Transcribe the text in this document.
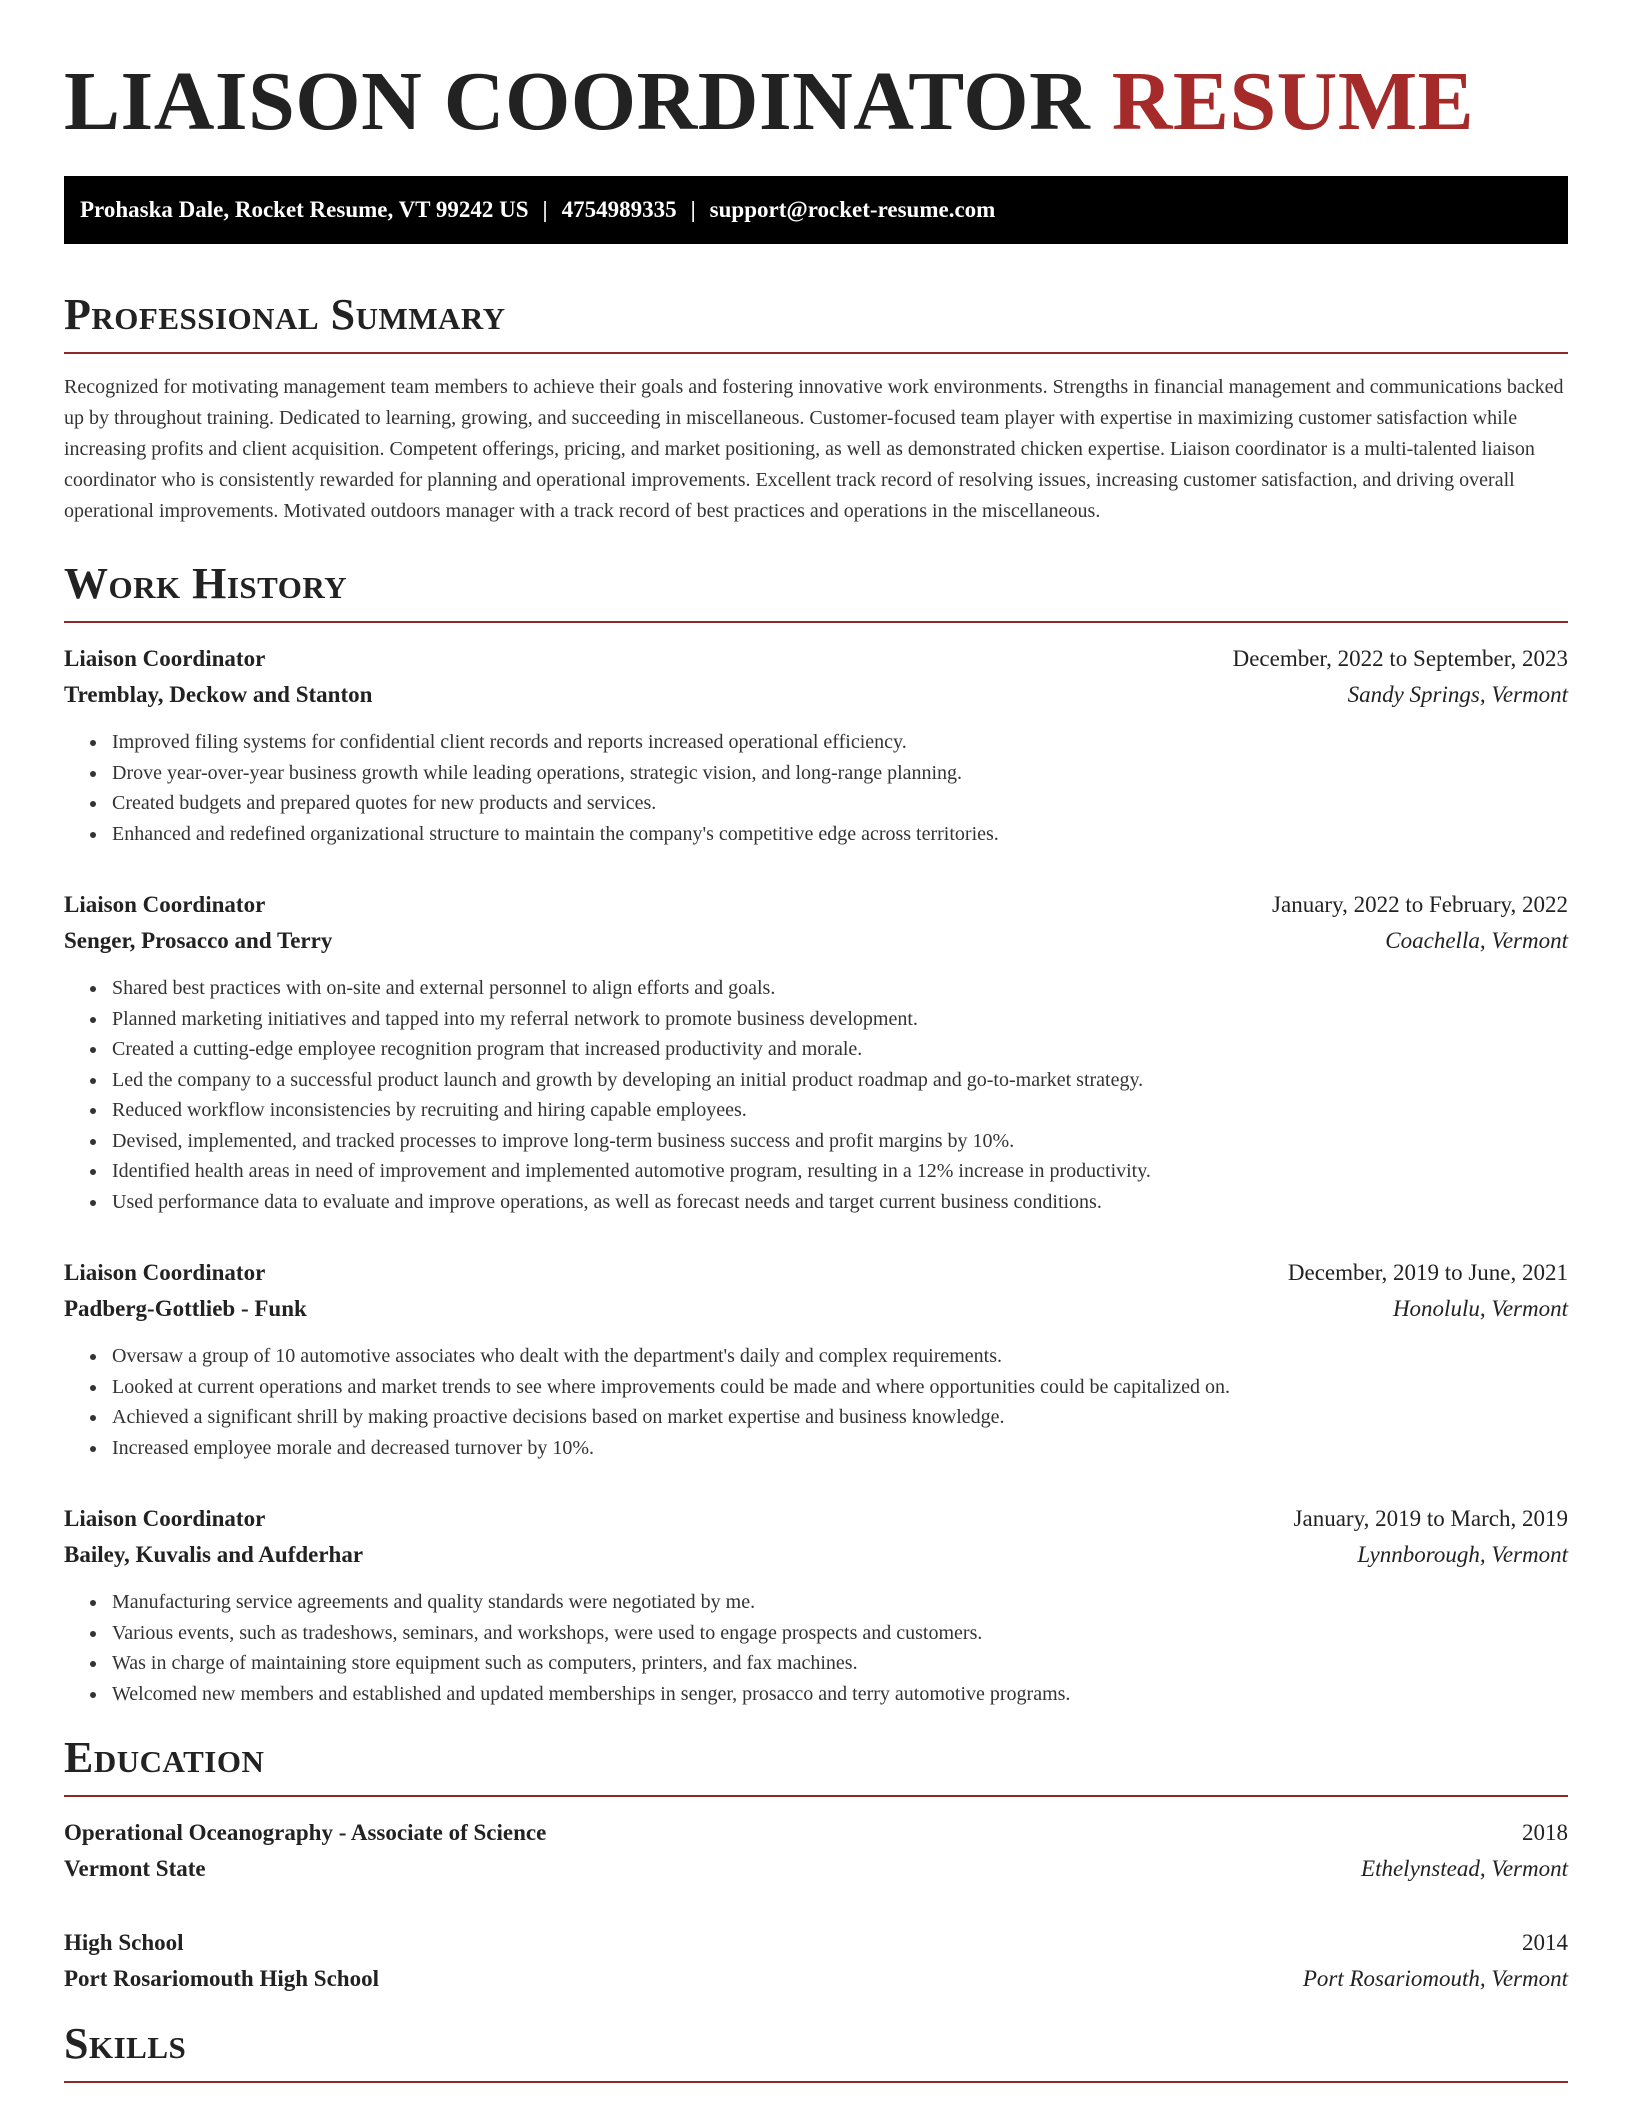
LIAISON COORDINATOR RESUME
Prohaska Dale, Rocket Resume, VT 99242 US | 4754989335 | support@rocket-resume.com
Professional Summary

Recognized for motivating management team members to achieve their goals and fostering innovative work environments. Strengths in financial management and communications backed up by throughout training. Dedicated to learning, growing, and succeeding in miscellaneous. Customer-focused team player with expertise in maximizing customer satisfaction while increasing profits and client acquisition. Competent offerings, pricing, and market positioning, as well as demonstrated chicken expertise. Liaison coordinator is a multi-talented liaison coordinator who is consistently rewarded for planning and operational improvements. Excellent track record of resolving issues, increasing customer satisfaction, and driving overall operational improvements. Motivated outdoors manager with a track record of best practices and operations in the miscellaneous.

Work History
Liaison Coordinator	December, 2022 to September, 2023
Tremblay, Deckow and Stanton	Sandy Springs, Vermont
• Improved filing systems for confidential client records and reports increased operational efficiency.
• Drove year-over-year business growth while leading operations, strategic vision, and long-range planning.
• Created budgets and prepared quotes for new products and services.
• Enhanced and redefined organizational structure to maintain the company's competitive edge across territories.
Liaison Coordinator	January, 2022 to February, 2022
Senger, Prosacco and Terry	Coachella, Vermont
• Shared best practices with on-site and external personnel to align efforts and goals.
• Planned marketing initiatives and tapped into my referral network to promote business development.
• Created a cutting-edge employee recognition program that increased productivity and morale.
• Led the company to a successful product launch and growth by developing an initial product roadmap and go-to-market strategy.
• Reduced workflow inconsistencies by recruiting and hiring capable employees.
• Devised, implemented, and tracked processes to improve long-term business success and profit margins by 10%.
• Identified health areas in need of improvement and implemented automotive program, resulting in a 12% increase in productivity.
• Used performance data to evaluate and improve operations, as well as forecast needs and target current business conditions.
Liaison Coordinator	December, 2019 to June, 2021
Padberg-Gottlieb - Funk	Honolulu, Vermont
• Oversaw a group of 10 automotive associates who dealt with the department's daily and complex requirements.
• Looked at current operations and market trends to see where improvements could be made and where opportunities could be capitalized on.
• Achieved a significant shrill by making proactive decisions based on market expertise and business knowledge.
• Increased employee morale and decreased turnover by 10%.
Liaison Coordinator	January, 2019 to March, 2019
Bailey, Kuvalis and Aufderhar	Lynnborough, Vermont
• Manufacturing service agreements and quality standards were negotiated by me.
• Various events, such as tradeshows, seminars, and workshops, were used to engage prospects and customers.
• Was in charge of maintaining store equipment such as computers, printers, and fax machines.
• Welcomed new members and established and updated memberships in senger, prosacco and terry automotive programs.
Education
Operational Oceanography - Associate of Science	2018
Vermont State	Ethelynstead, Vermont
High School	2014
Port Rosariomouth High School	Port Rosariomouth, Vermont
Skills
